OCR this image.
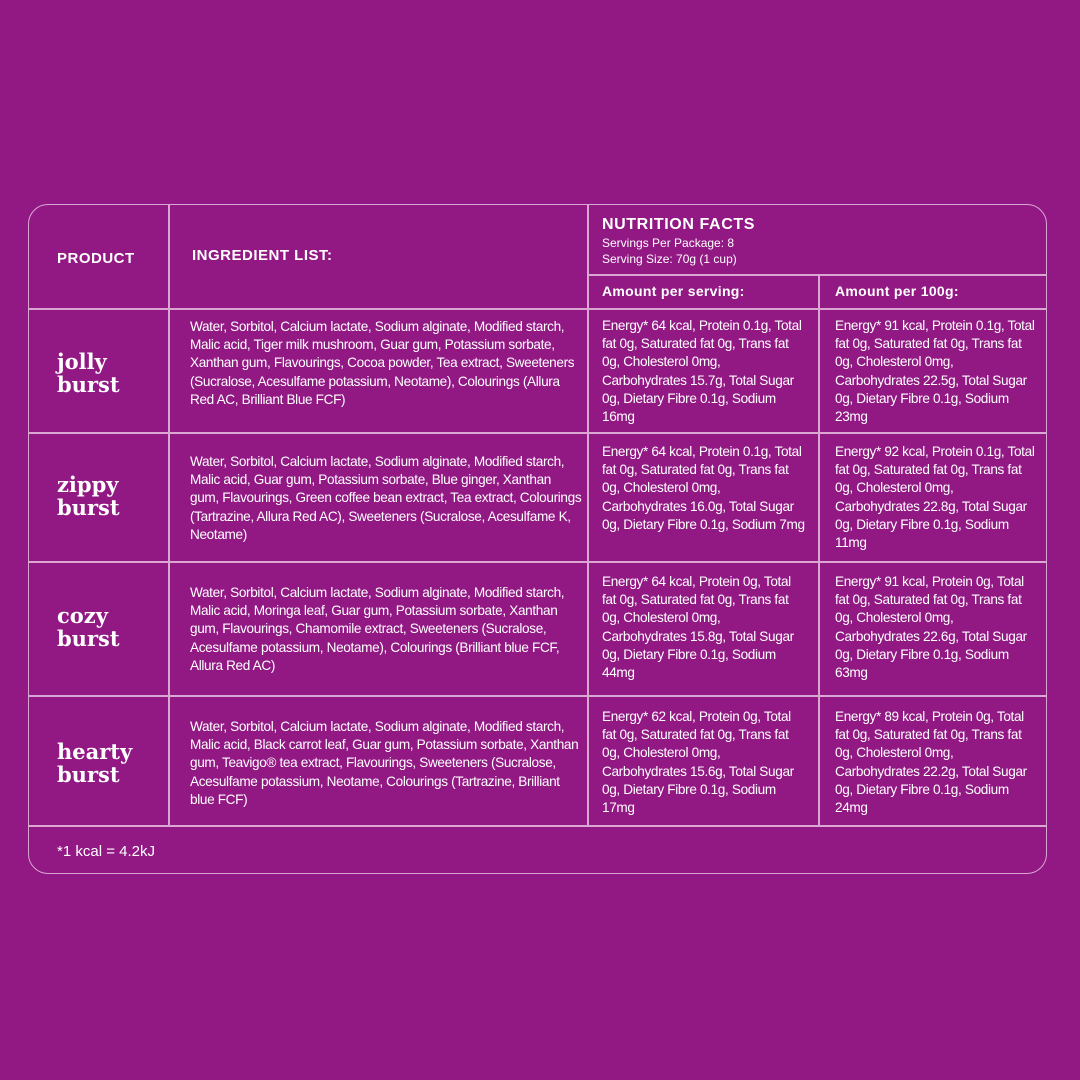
PRODUCT	INGREDIENT LIST:
NUTRITION FACTS
Servings Per Package: 8
Serving Size: 70g (1 cup)
Amount per serving:	Amount per 100g:
jolly
burst
Water, Sorbitol, Calcium lactate, Sodium alginate, Modified starch, Malic acid, Tiger milk mushroom, Guar gum, Potassium sorbate, Xanthan gum, Flavourings, Cocoa powder, Tea extract, Sweeteners (Sucralose, Acesulfame potassium, Neotame), Colourings (Allura Red AC, Brilliant Blue FCF)
Energy* 64 kcal, Protein 0.1g, Total fat 0g, Saturated fat 0g, Trans fat 0g, Cholesterol 0mg, Carbohydrates 15.7g, Total Sugar 0g, Dietary Fibre 0.1g, Sodium 16mg
Energy* 91 kcal, Protein 0.1g, Total fat 0g, Saturated fat 0g, Trans fat 0g, Cholesterol 0mg, Carbohydrates 22.5g, Total Sugar 0g, Dietary Fibre 0.1g, Sodium 23mg
zippy
burst
Water, Sorbitol, Calcium lactate, Sodium alginate, Modified starch, Malic acid, Guar gum, Potassium sorbate, Blue ginger, Xanthan gum, Flavourings, Green coffee bean extract, Tea extract, Colourings (Tartrazine, Allura Red AC), Sweeteners (Sucralose, Acesulfame K, Neotame)
Energy* 64 kcal, Protein 0.1g, Total fat 0g, Saturated fat 0g, Trans fat 0g, Cholesterol 0mg, Carbohydrates 16.0g, Total Sugar 0g, Dietary Fibre 0.1g, Sodium 7mg
Energy* 92 kcal, Protein 0.1g, Total fat 0g, Saturated fat 0g, Trans fat 0g, Cholesterol 0mg, Carbohydrates 22.8g, Total Sugar 0g, Dietary Fibre 0.1g, Sodium 11mg
cozy
burst
Water, Sorbitol, Calcium lactate, Sodium alginate, Modified starch, Malic acid, Moringa leaf, Guar gum, Potassium sorbate, Xanthan gum, Flavourings, Chamomile extract, Sweeteners (Sucralose, Acesulfame potassium, Neotame), Colourings (Brilliant blue FCF, Allura Red AC)
Energy* 64 kcal, Protein 0g, Total fat 0g, Saturated fat 0g, Trans fat 0g, Cholesterol 0mg, Carbohydrates 15.8g, Total Sugar 0g, Dietary Fibre 0.1g, Sodium 44mg
Energy* 91 kcal, Protein 0g, Total fat 0g, Saturated fat 0g, Trans fat 0g, Cholesterol 0mg, Carbohydrates 22.6g, Total Sugar 0g, Dietary Fibre 0.1g, Sodium 63mg
hearty
burst
Water, Sorbitol, Calcium lactate, Sodium alginate, Modified starch, Malic acid, Black carrot leaf, Guar gum, Potassium sorbate, Xanthan gum, Teavigo® tea extract, Flavourings, Sweeteners (Sucralose, Acesulfame potassium, Neotame, Colourings (Tartrazine, Brilliant blue FCF)
Energy* 62 kcal, Protein 0g, Total fat 0g, Saturated fat 0g, Trans fat 0g, Cholesterol 0mg, Carbohydrates 15.6g, Total Sugar 0g, Dietary Fibre 0.1g, Sodium 17mg
Energy* 89 kcal, Protein 0g, Total fat 0g, Saturated fat 0g, Trans fat 0g, Cholesterol 0mg, Carbohydrates 22.2g, Total Sugar 0g, Dietary Fibre 0.1g, Sodium 24mg
*1 kcal = 4.2kJ
